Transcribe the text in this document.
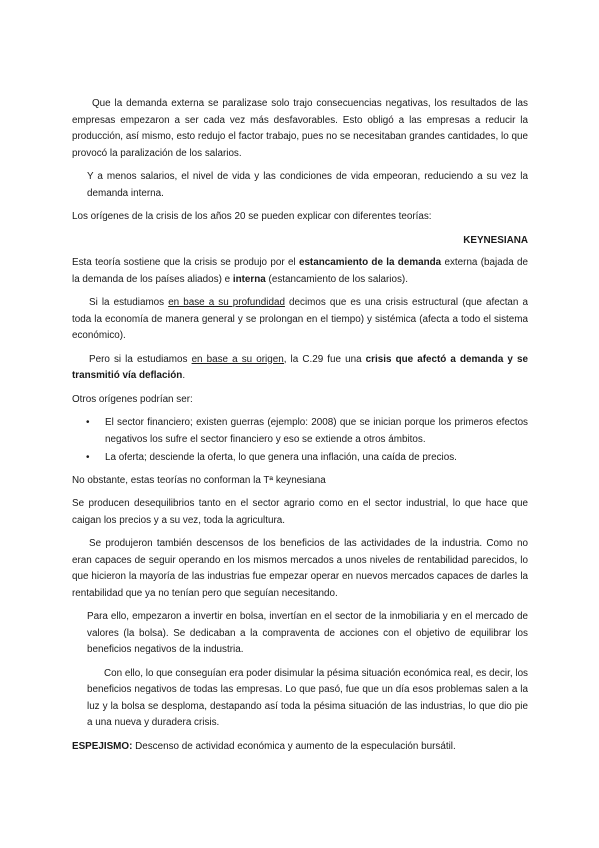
Que la demanda externa se paralizase solo trajo consecuencias negativas, los resultados de las empresas empezaron a ser cada vez más desfavorables. Esto obligó a las empresas a reducir la producción, así mismo, esto redujo el factor trabajo, pues no se necesitaban grandes cantidades, lo que provocó la paralización de los salarios.

Y a menos salarios, el nivel de vida y las condiciones de vida empeoran, reduciendo a su vez la demanda interna.

Los orígenes de la crisis de los años 20 se pueden explicar con diferentes teorías:

KEYNESIANA

Esta teoría sostiene que la crisis se produjo por el estancamiento de la demanda externa (bajada de la demanda de los países aliados) e interna (estancamiento de los salarios).

Si la estudiamos en base a su profundidad decimos que es una crisis estructural (que afectan a toda la economía de manera general y se prolongan en el tiempo) y sistémica (afecta a todo el sistema económico).

Pero si la estudiamos en base a su origen, la C.29 fue una crisis que afectó a demanda y se transmitió vía deflación.

Otros orígenes podrían ser:

• El sector financiero; existen guerras (ejemplo: 2008) que se inician porque los primeros efectos negativos los sufre el sector financiero y eso se extiende a otros ámbitos.
• La oferta; desciende la oferta, lo que genera una inflación, una caída de precios.

No obstante, estas teorías no conforman la Tª keynesiana

Se producen desequilibrios tanto en el sector agrario como en el sector industrial, lo que hace que caigan los precios y a su vez, toda la agricultura.

Se produjeron también descensos de los beneficios de las actividades de la industria. Como no eran capaces de seguir operando en los mismos mercados a unos niveles de rentabilidad parecidos, lo que hicieron la mayoría de las industrias fue empezar operar en nuevos mercados capaces de darles la rentabilidad que ya no tenían pero que seguían necesitando.

Para ello, empezaron a invertir en bolsa, invertían en el sector de la inmobiliaria y en el mercado de valores (la bolsa). Se dedicaban a la compraventa de acciones con el objetivo de equilibrar los beneficios negativos de la industria.

Con ello, lo que conseguían era poder disimular la pésima situación económica real, es decir, los beneficios negativos de todas las empresas. Lo que pasó, fue que un día esos problemas salen a la luz y la bolsa se desploma, destapando así toda la pésima situación de las industrias, lo que dio pie a una nueva y duradera crisis.

ESPEJISMO: Descenso de actividad económica y aumento de la especulación bursátil.
